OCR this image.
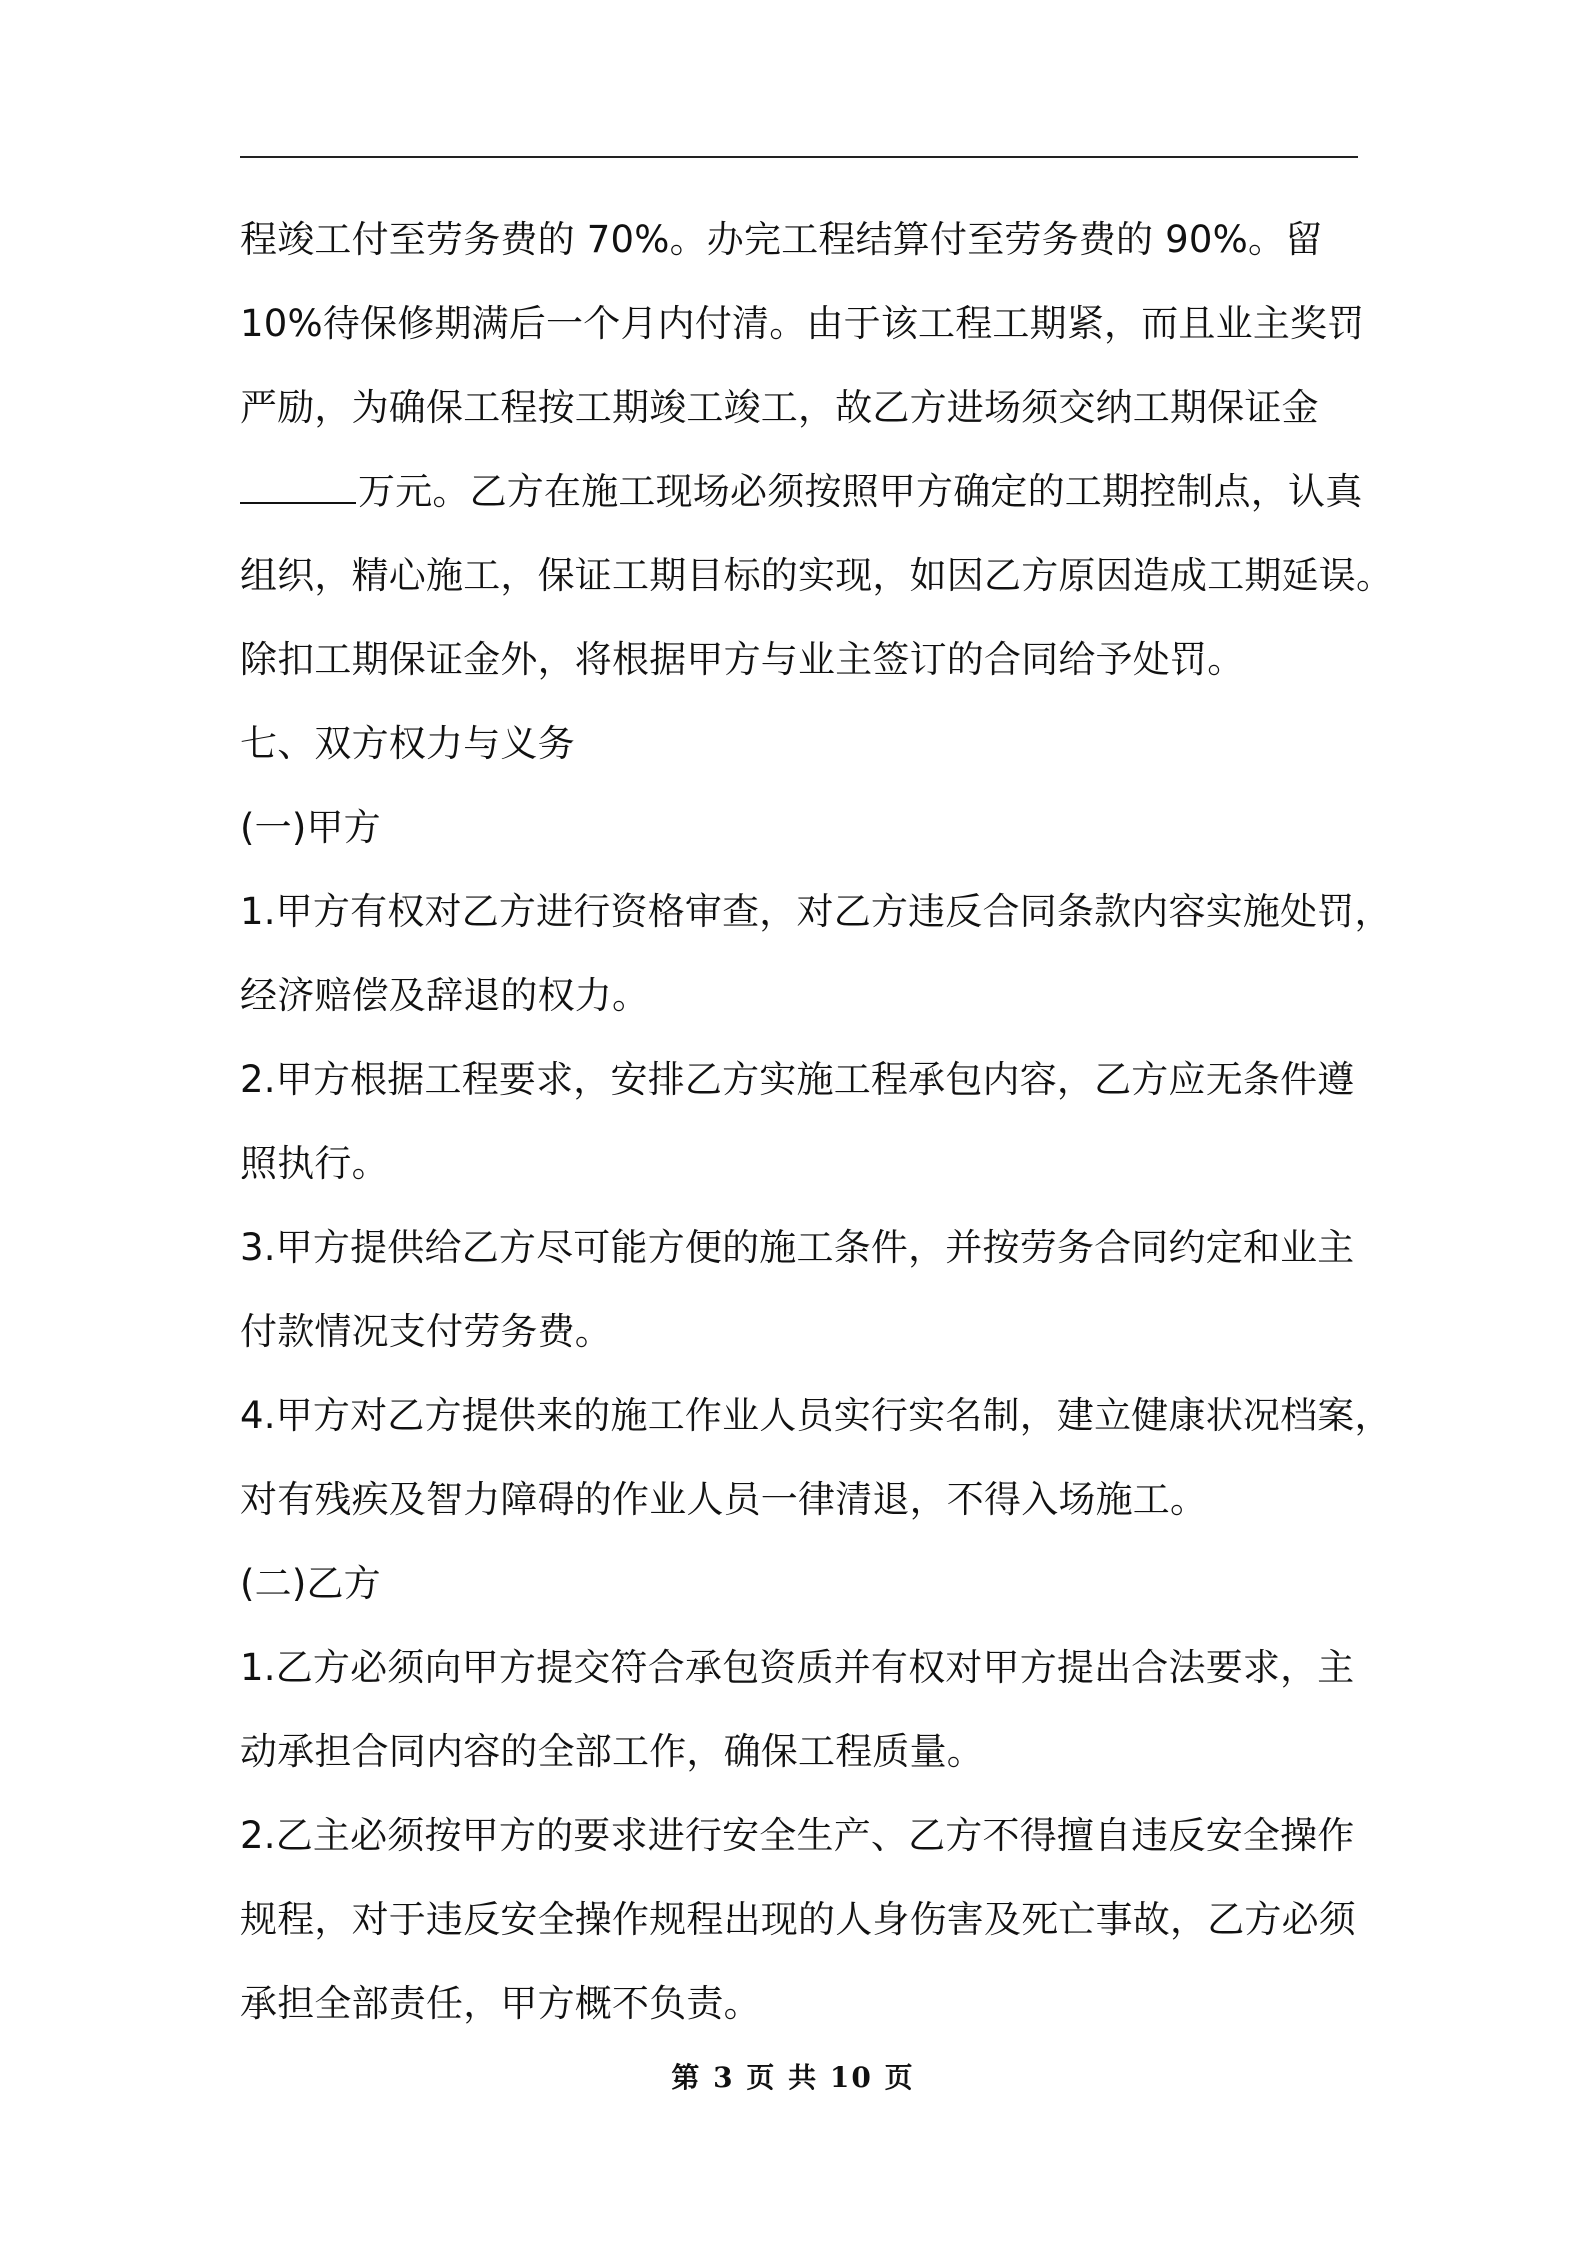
程竣工付至劳务费的 70%。办完工程结算付至劳务费的 90%。留
10%待保修期满后一个月内付清。由于该工程工期紧，而且业主奖罚
严励，为确保工程按工期竣工竣工，故乙方进场须交纳工期保证金
万元。乙方在施工现场必须按照甲方确定的工期控制点，认真
组织，精心施工，保证工期目标的实现，如因乙方原因造成工期延误。
除扣工期保证金外，将根据甲方与业主签订的合同给予处罚。
七、双方权力与义务
(一)甲方
1.甲方有权对乙方进行资格审查，对乙方违反合同条款内容实施处罚，
经济赔偿及辞退的权力。
2.甲方根据工程要求，安排乙方实施工程承包内容，乙方应无条件遵
照执行。
3.甲方提供给乙方尽可能方便的施工条件，并按劳务合同约定和业主
付款情况支付劳务费。
4.甲方对乙方提供来的施工作业人员实行实名制，建立健康状况档案，
对有残疾及智力障碍的作业人员一律清退，不得入场施工。
(二)乙方
1.乙方必须向甲方提交符合承包资质并有权对甲方提出合法要求，主
动承担合同内容的全部工作，确保工程质量。
2.乙主必须按甲方的要求进行安全生产、乙方不得擅自违反安全操作
规程，对于违反安全操作规程出现的人身伤害及死亡事故，乙方必须
承担全部责任，甲方概不负责。
第 3 页 共 10 页
